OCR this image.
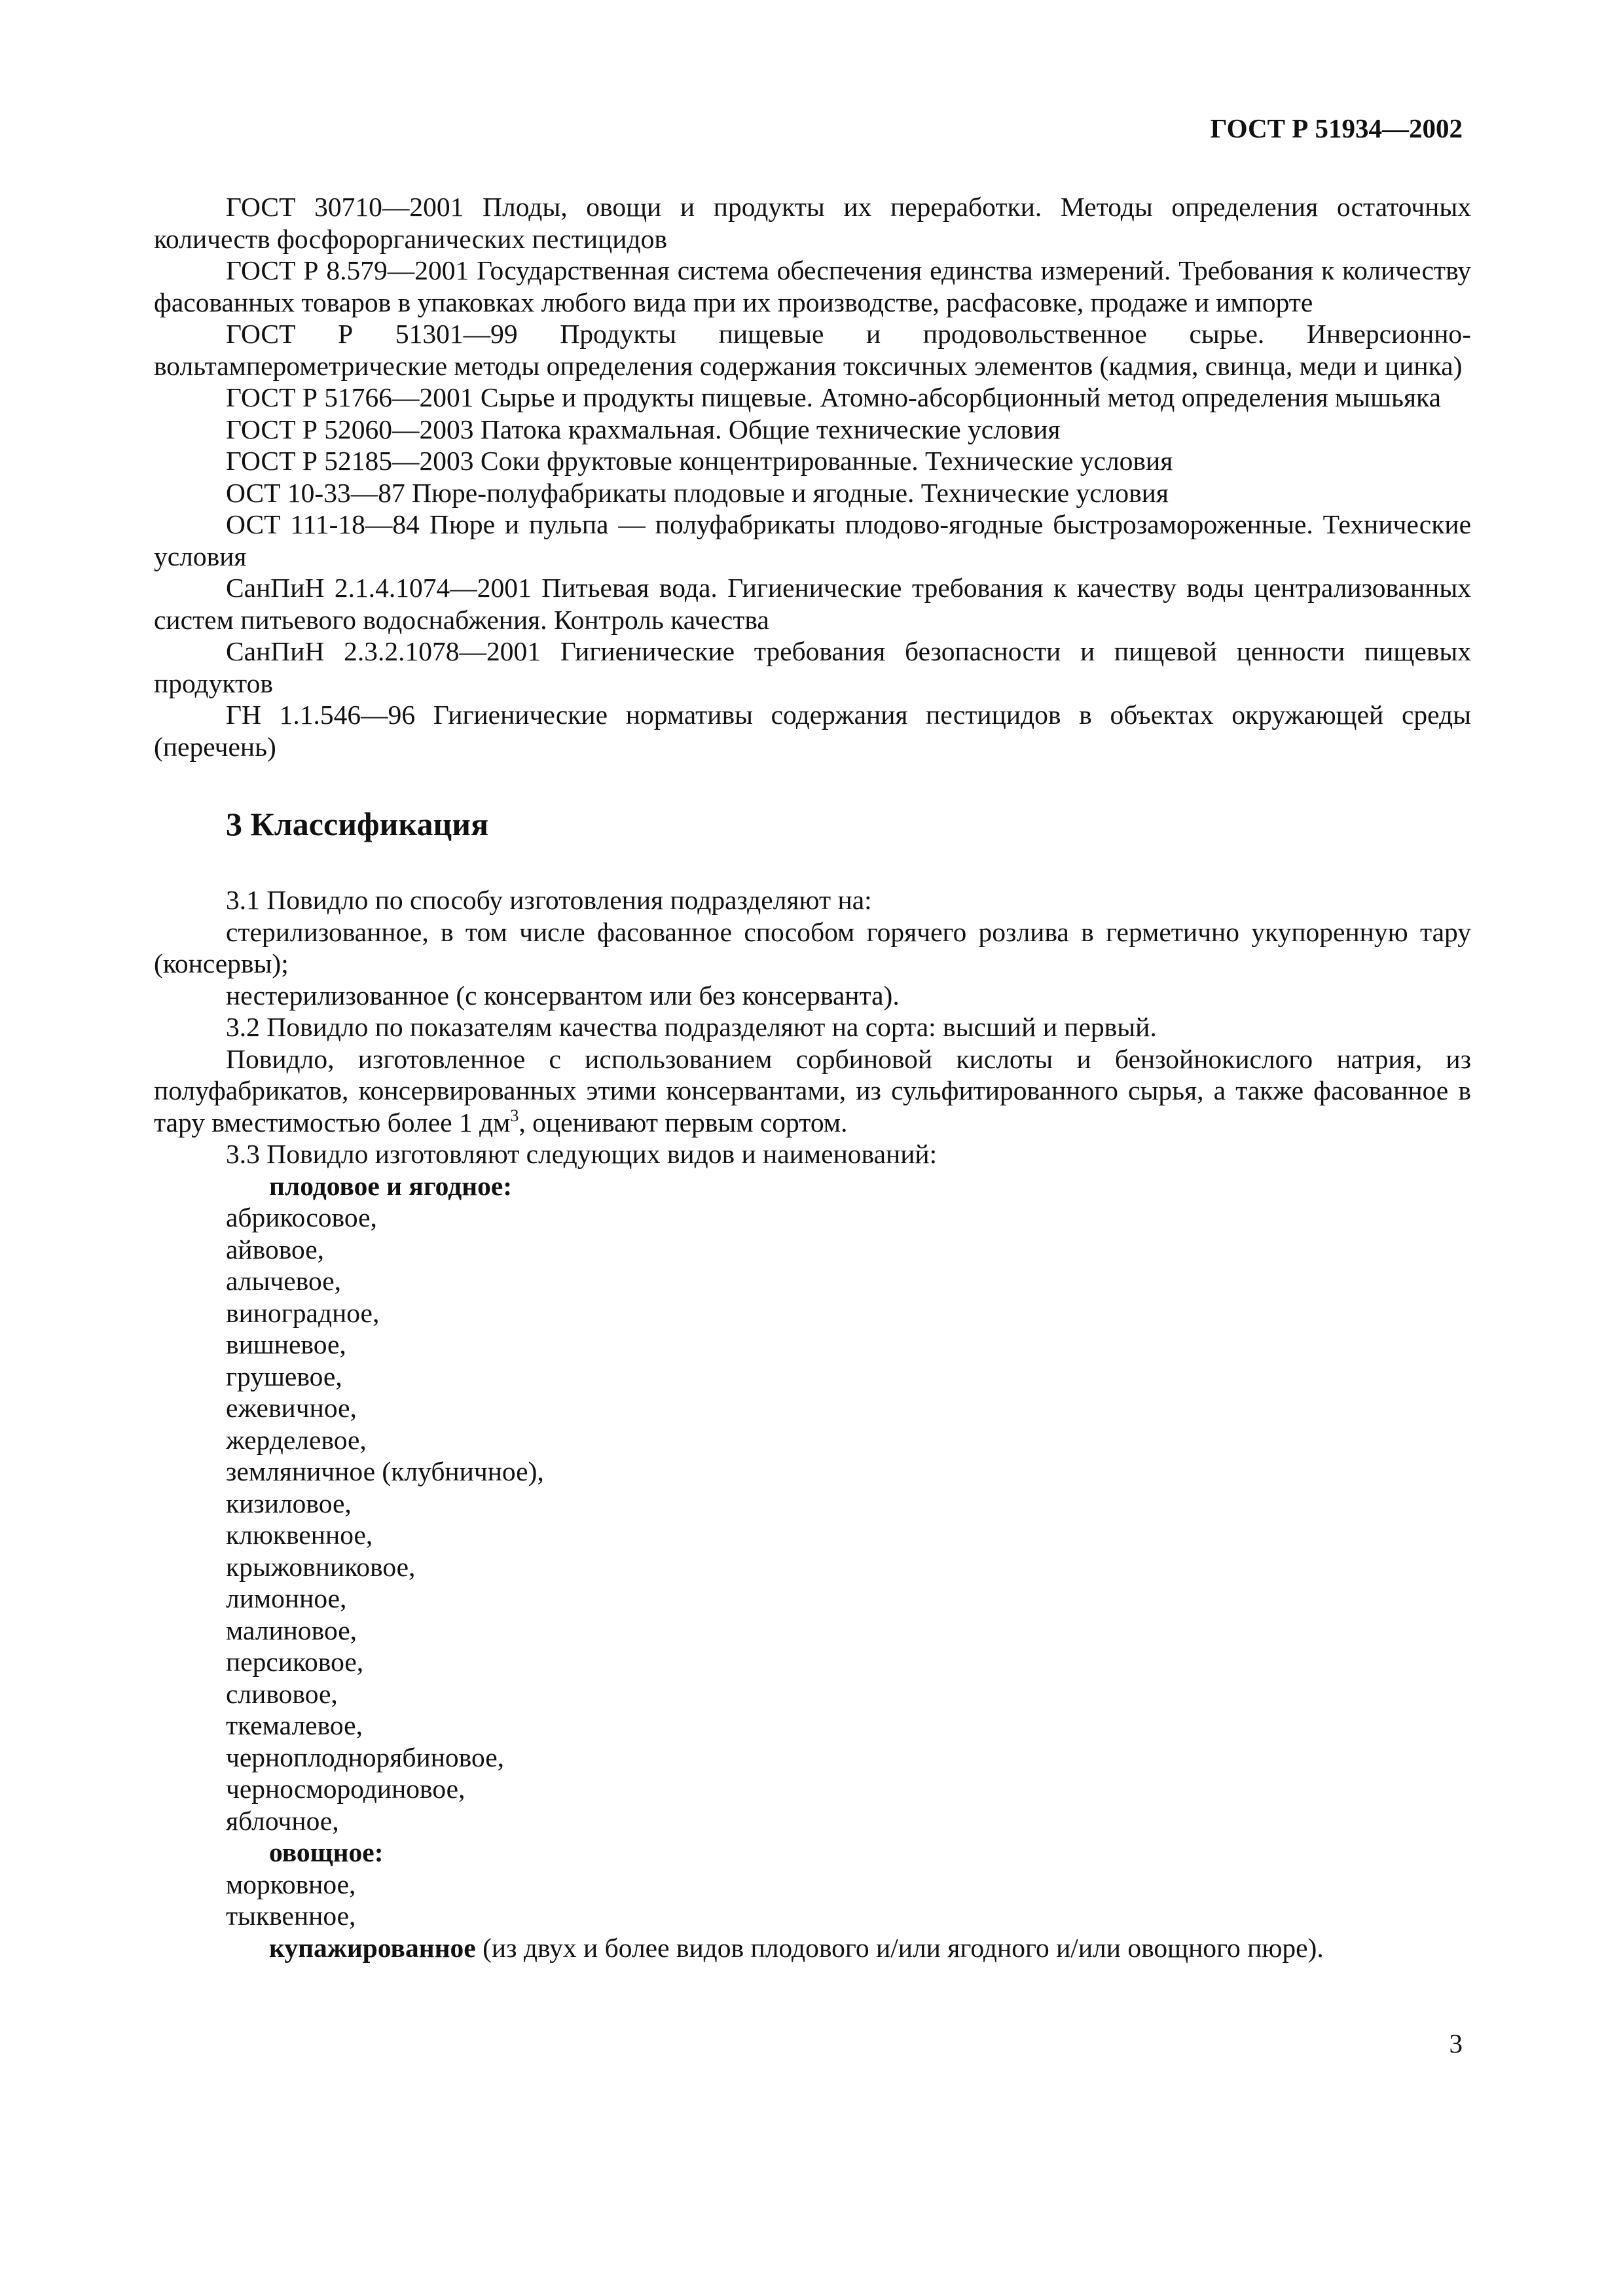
ГОСТ Р 51934—2002

ГОСТ 30710—2001 Плоды, овощи и продукты их переработки. Методы определения остаточных количеств фосфорорганических пестицидов

ГОСТ Р 8.579—2001 Государственная система обеспечения единства измерений. Требования к количеству фасованных товаров в упаковках любого вида при их производстве, расфасовке, продаже и импорте

ГОСТ Р 51301—99 Продукты пищевые и продовольственное сырье. Инверсионно-вольтамперометрические методы определения содержания токсичных элементов (кадмия, свинца, меди и цинка)

ГОСТ Р 51766—2001 Сырье и продукты пищевые. Атомно-абсорбционный метод определения мышьяка

ГОСТ Р 52060—2003 Патока крахмальная. Общие технические условия

ГОСТ Р 52185—2003 Соки фруктовые концентрированные. Технические условия

ОСТ 10-33—87 Пюре-полуфабрикаты плодовые и ягодные. Технические условия

ОСТ 111-18—84 Пюре и пульпа — полуфабрикаты плодово-ягодные быстрозамороженные. Технические условия

СанПиН 2.1.4.1074—2001 Питьевая вода. Гигиенические требования к качеству воды централизованных систем питьевого водоснабжения. Контроль качества

СанПиН 2.3.2.1078—2001 Гигиенические требования безопасности и пищевой ценности пищевых продуктов

ГН 1.1.546—96 Гигиенические нормативы содержания пестицидов в объектах окружающей среды (перечень)

3 Классификация

3.1 Повидло по способу изготовления подразделяют на:

стерилизованное, в том числе фасованное способом горячего розлива в герметично укупоренную тару (консервы);

нестерилизованное (с консервантом или без консерванта).

3.2 Повидло по показателям качества подразделяют на сорта: высший и первый.

Повидло, изготовленное с использованием сорбиновой кислоты и бензойнокислого натрия, из полуфабрикатов, консервированных этими консервантами, из сульфитированного сырья, а также фасованное в тару вместимостью более 1 $дм^3$, оценивают первым сортом.

3.3 Повидло изготовляют следующих видов и наименований:

плодовое и ягодное:

абрикосовое,

айвовое,

алычевое,

виноградное,

вишневое,

грушевое,

ежевичное,

жерделевое,

земляничное (клубничное),

кизиловое,

клюквенное,

крыжовниковое,

лимонное,

малиновое,

персиковое,

сливовое,

ткемалевое,

черноплоднорябиновое,

черносмородиновое,

яблочное,

овощное:

морковное,

тыквенное,

купажированное (из двух и более видов плодового и/или ягодного и/или овощного пюре).

3
